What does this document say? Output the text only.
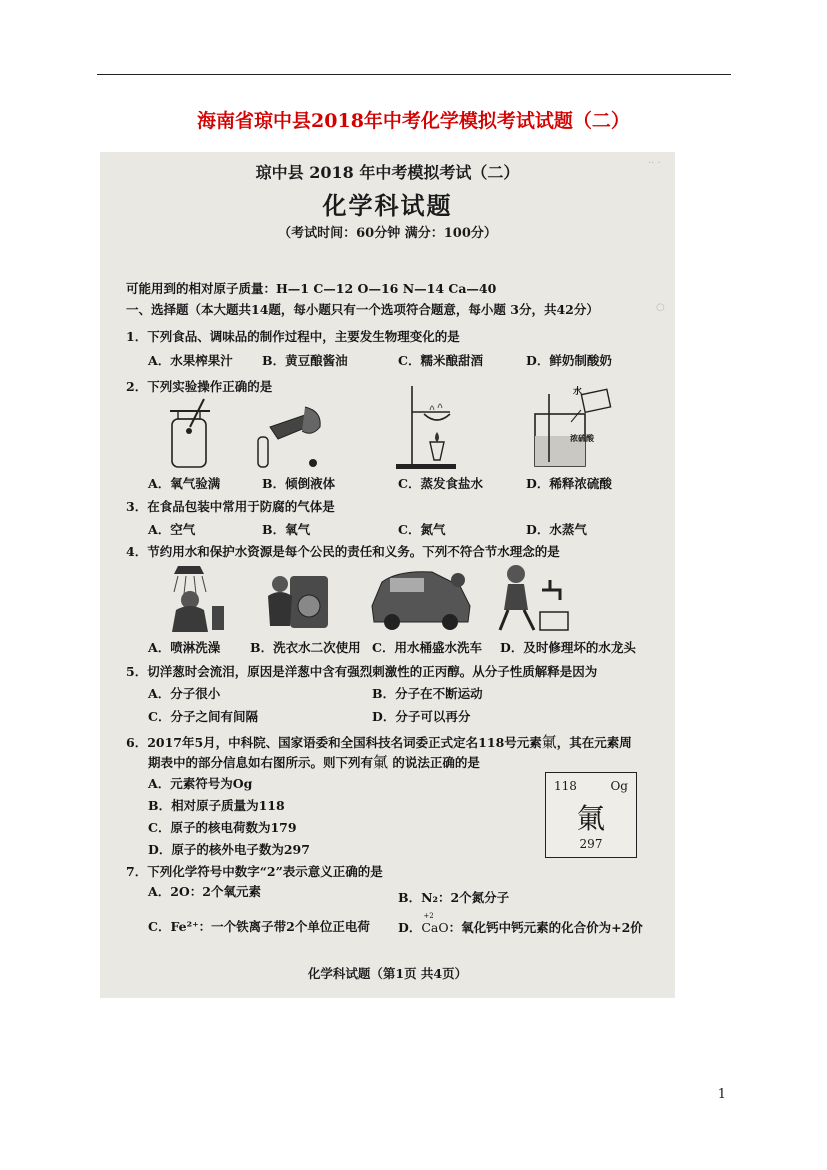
海南省琼中县2018年中考化学模拟考试试题（二）
·· ·
○
琼中县 2018 年中考模拟考试（二）
化学科试题
（考试时间：60分钟 满分：100分）
可能用到的相对原子质量：H—1 C—12 O—16 N—14 Ca—40
一、选择题（本大题共14题，每小题只有一个选项符合题意，每小题 3分，共42分）
1．下列食品、调味品的制作过程中，主要发生物理变化的是
A．水果榨果汁 B．黄豆酿酱油	C．糯米酿甜酒	D．鲜奶制酸奶
2．下列实验操作正确的是	水
浓硫酸
A．氧气验满	B．倾倒液体	C．蒸发食盐水	D．稀释浓硫酸
3．在食品包装中常用于防腐的气体是
A．空气	B．氧气	C．氮气	D．水蒸气
4．节约用水和保护水资源是每个公民的责任和义务。下列不符合节水理念的是
A．喷淋洗澡 B．洗衣水二次使用 C．用水桶盛水洗车 D．及时修理坏的水龙头
5．切洋葱时会流泪，原因是洋葱中含有强烈刺激性的正丙醇。从分子性质解释是因为
A．分子很小	B．分子在不断运动
C．分子之间有间隔	D．分子可以再分
6．2017年5月，中科院、国家语委和全国科技名词委正式定名118号元素氭，其在元素周
期表中的部分信息如右图所示。则下列有氭 的说法正确的是
A．元素符号为Og
B．相对原子质量为118
C．原子的核电荷数为179
D．原子的核外电子数为297
118	Og
氭
297
7．下列化学符号中数字“2”表示意义正确的是
A．2O：2个氧元素	B．N₂：2个氮分子
C．Fe²⁺：一个铁离子带2个单位正电荷 D．
+2
CaO：氧化钙中钙元素的化合价为+2价
化学科试题（第1页 共4页）
1
